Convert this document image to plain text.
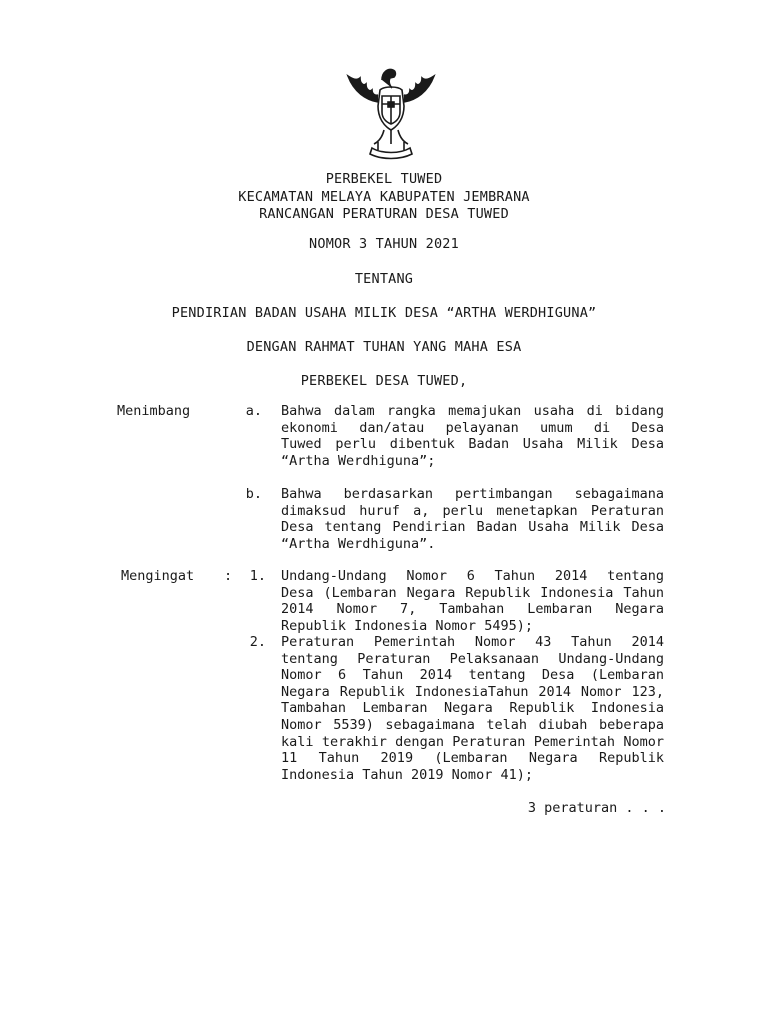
PERBEKEL TUWED
KECAMATAN MELAYA KABUPATEN JEMBRANA
RANCANGAN PERATURAN DESA TUWED
NOMOR 3 TAHUN 2021
TENTANG
PENDIRIAN BADAN USAHA MILIK DESA “ARTHA WERDHIGUNA”
DENGAN RAHMAT TUHAN YANG MAHA ESA
PERBEKEL DESA TUWED,
Menimbang	a. Bahwa dalam rangka memajukan usaha di bidang
ekonomi dan/atau pelayanan umum di Desa
Tuwed perlu dibentuk Badan Usaha Milik Desa
“Artha Werdhiguna”;
b. Bahwa berdasarkan pertimbangan sebagaimana
dimaksud huruf a, perlu menetapkan Peraturan
Desa tentang Pendirian Badan Usaha Milik Desa
“Artha Werdhiguna”.
Mengingat :	1. Undang-Undang Nomor 6 Tahun 2014 tentang
Desa (Lembaran Negara Republik Indonesia Tahun
2014 Nomor 7, Tambahan Lembaran Negara
Republik Indonesia Nomor 5495);
2. Peraturan Pemerintah Nomor 43 Tahun 2014
tentang Peraturan Pelaksanaan Undang-Undang
Nomor 6 Tahun 2014 tentang Desa (Lembaran
Negara Republik IndonesiaTahun 2014 Nomor 123,
Tambahan Lembaran Negara Republik Indonesia
Nomor 5539) sebagaimana telah diubah beberapa
kali terakhir dengan Peraturan Pemerintah Nomor
11 Tahun 2019 (Lembaran Negara Republik
Indonesia Tahun 2019 Nomor 41);
3 peraturan . . .
